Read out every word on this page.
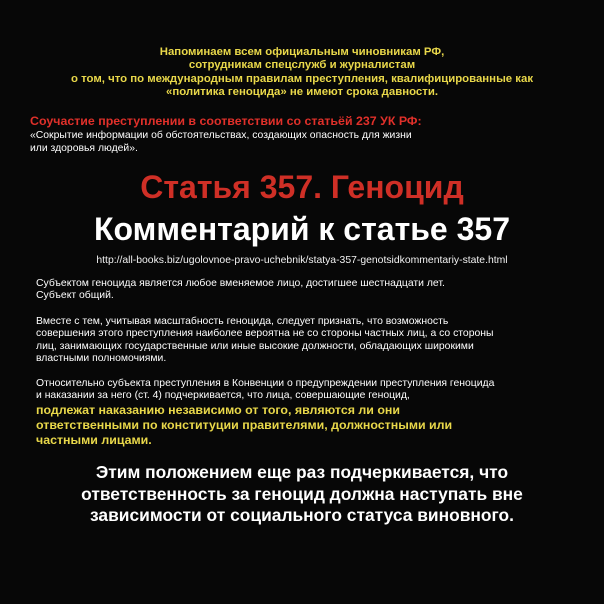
Напоминаем всем официальным чиновникам РФ,
сотрудникам спецслужб и журналистам
о том, что по международным правилам преступления, квалифицированные как
«политика геноцида» не имеют срока давности.
Соучастие преступлении в соответствии со статьёй 237 УК РФ:
«Сокрытие информации об обстоятельствах, создающих опасность для жизни
или здоровья людей».
Статья 357. Геноцид
Комментарий к статье 357
http://all-books.biz/ugolovnoe-pravo-uchebnik/statya-357-genotsidkommentariy-state.html
Субъектом геноцида является любое вменяемое лицо, достигшее шестнадцати лет.
Субъект общий.
Вместе с тем, учитывая масштабность геноцида, следует признать, что возможность
совершения этого преступления наиболее вероятна не со стороны частных лиц, а со стороны
лиц, занимающих государственные или иные высокие должности, обладающих широкими
властными полномочиями.
Относительно субъекта преступления в Конвенции о предупреждении преступления геноцида
и наказании за него (ст. 4) подчеркивается, что лица, совершающие геноцид,
подлежат наказанию независимо от того, являются ли они
ответственными по конституции правителями, должностными или
частными лицами.
Этим положением еще раз подчеркивается, что
ответственность за геноцид должна наступать вне
зависимости от социального статуса виновного.
